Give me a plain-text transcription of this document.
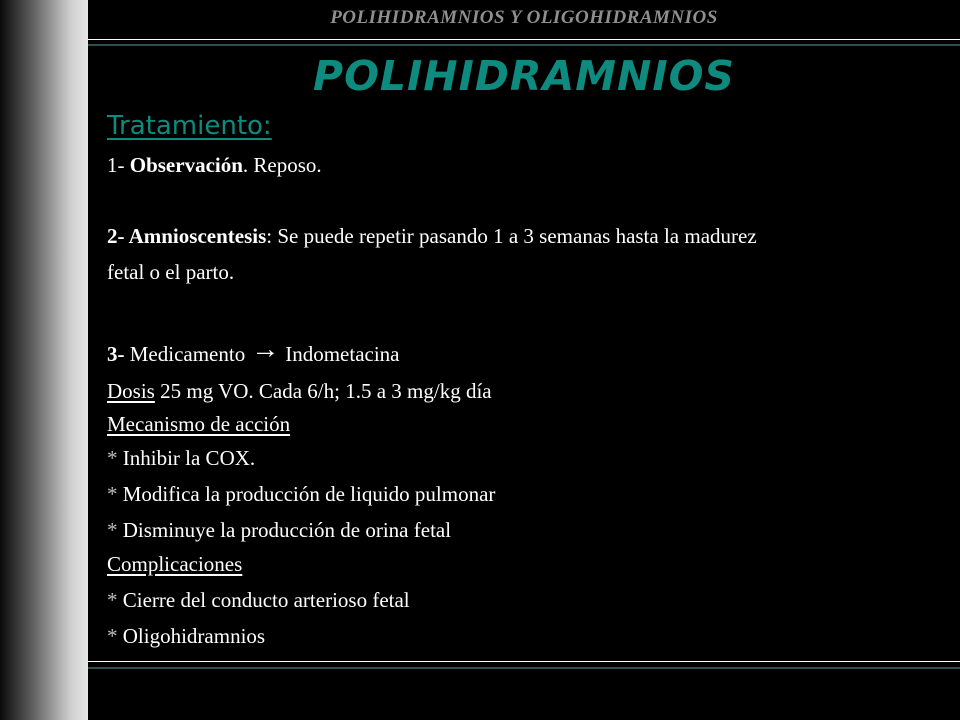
POLIHIDRAMNIOS Y OLIGOHIDRAMNIOS
POLIHIDRAMNIOS
Tratamiento:
1- Observación. Reposo.
2- Amnioscentesis: Se puede repetir pasando 1 a 3 semanas hasta la madurez
fetal o el parto.
3- Medicamento → Indometacina
Dosis 25 mg VO. Cada 6/h; 1.5 a 3 mg/kg día
Mecanismo de acción
* Inhibir la COX.
* Modifica la producción de liquido pulmonar
* Disminuye la producción de orina fetal
Complicaciones
* Cierre del conducto arterioso fetal
* Oligohidramnios
